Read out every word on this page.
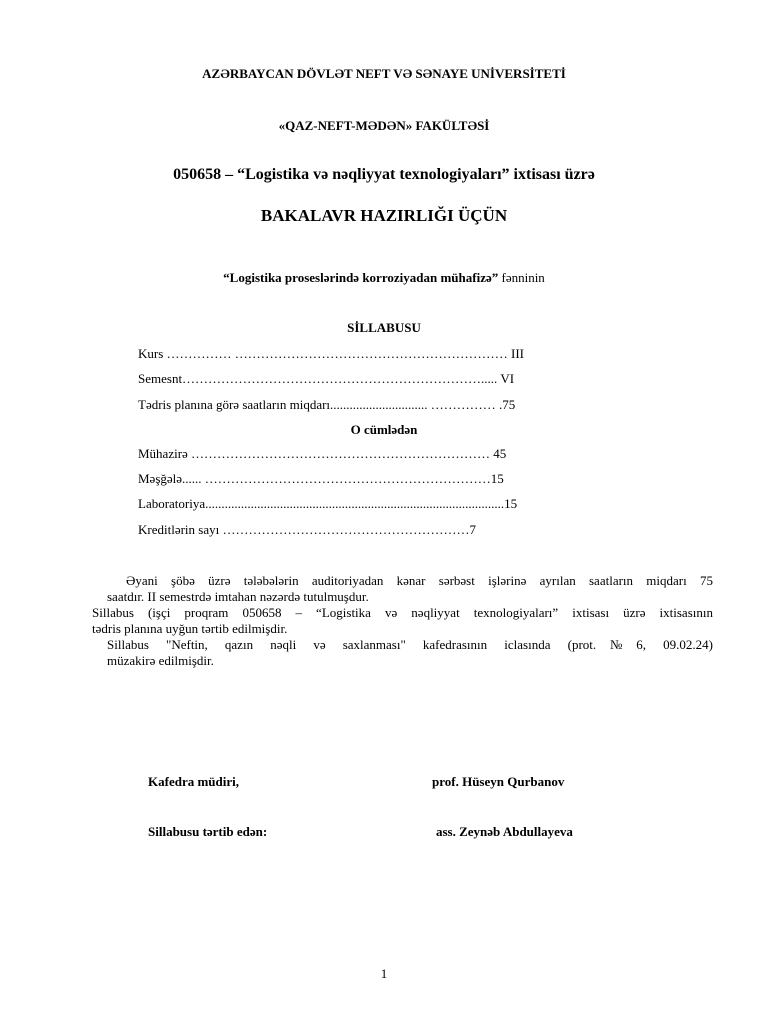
AZƏRBAYCAN DÖVLƏT NEFT VƏ SƏNAYE UNİVERSİTETİ
«QAZ-NEFT-MƏDƏN» FAKÜLTƏSİ
050658 – “Logistika və nəqliyyat texnologiyaları” ixtisası üzrə
BAKALAVR HAZIRLIĞI ÜÇÜN
“Logistika proseslərində korroziyadan mühafizə” fənninin
SİLLABUSU
Kurs …………… ……………………………………………………… III
Semesnt……………………………………………………………..... VI
Tədris planına görə saatların miqdarı.............................. …………… .75
O cümlədən
Mühazirə …………………………………………………………… 45
Məşğələ...... …………………………………………………………15
Laboratoriya............................................................................................15
Kreditlərin sayı …………………………………………………7
Əyani şöbə üzrə tələbələrin auditoriyadan kənar sərbəst işlərinə ayrılan saatların miqdarı 75
saatdır. II semestrdə imtahan nəzərdə tutulmuşdur.
Sillabus (işçi proqram 050658 – “Logistika və nəqliyyat texnologiyaları” ixtisası üzrə ixtisasının
tədris planına uyğun tərtib edilmişdir.
Sillabus "Neftin, qazın nəqli və saxlanması" kafedrasının iclasında (prot.№6, 09.02.24)
müzakirə edilmişdir.
Kafedra müdiri,	prof. Hüseyn Qurbanov
Sillabusu tərtib edən:	ass. Zeynəb Abdullayeva
1
